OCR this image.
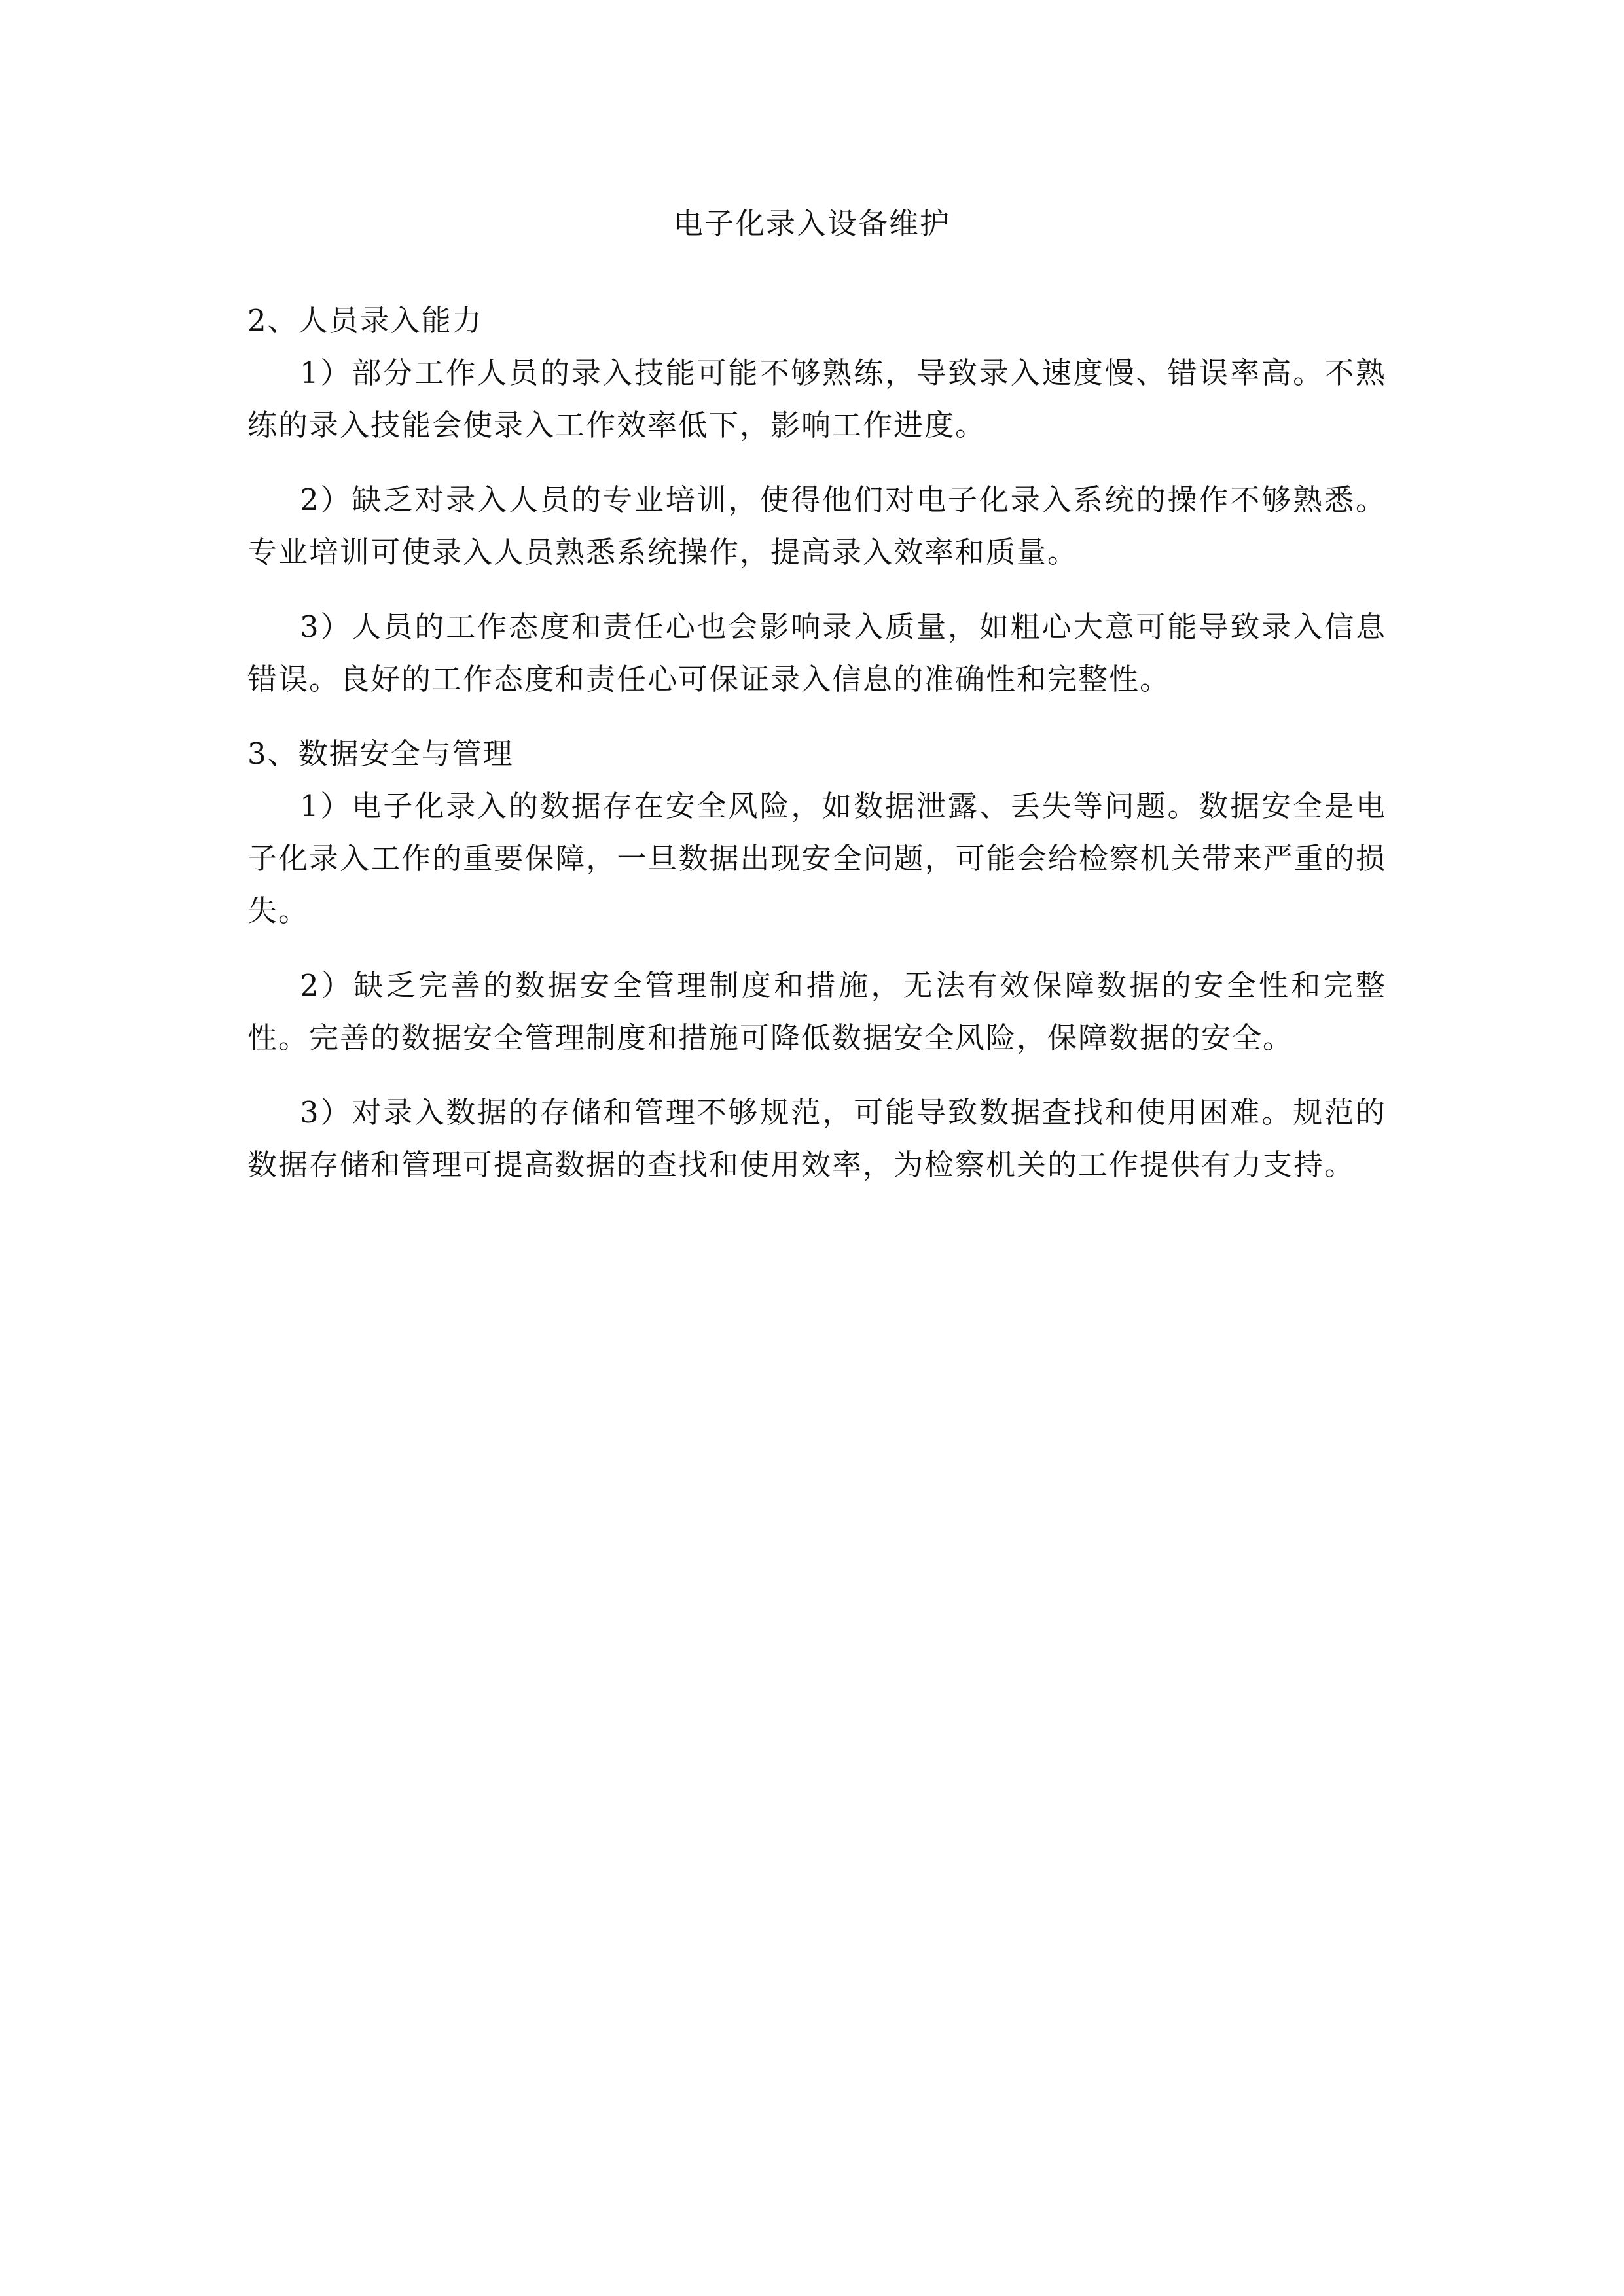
电子化录入设备维护

2、人员录入能力

1）部分工作人员的录入技能可能不够熟练，导致录入速度慢、错误率高。不熟练的录入技能会使录入工作效率低下，影响工作进度。

2）缺乏对录入人员的专业培训，使得他们对电子化录入系统的操作不够熟悉。专业培训可使录入人员熟悉系统操作，提高录入效率和质量。

3）人员的工作态度和责任心也会影响录入质量，如粗心大意可能导致录入信息错误。良好的工作态度和责任心可保证录入信息的准确性和完整性。

3、数据安全与管理

1）电子化录入的数据存在安全风险，如数据泄露、丢失等问题。数据安全是电子化录入工作的重要保障，一旦数据出现安全问题，可能会给检察机关带来严重的损失。

2）缺乏完善的数据安全管理制度和措施，无法有效保障数据的安全性和完整性。完善的数据安全管理制度和措施可降低数据安全风险，保障数据的安全。

3）对录入数据的存储和管理不够规范，可能导致数据查找和使用困难。规范的数据存储和管理可提高数据的查找和使用效率，为检察机关的工作提供有力支持。
